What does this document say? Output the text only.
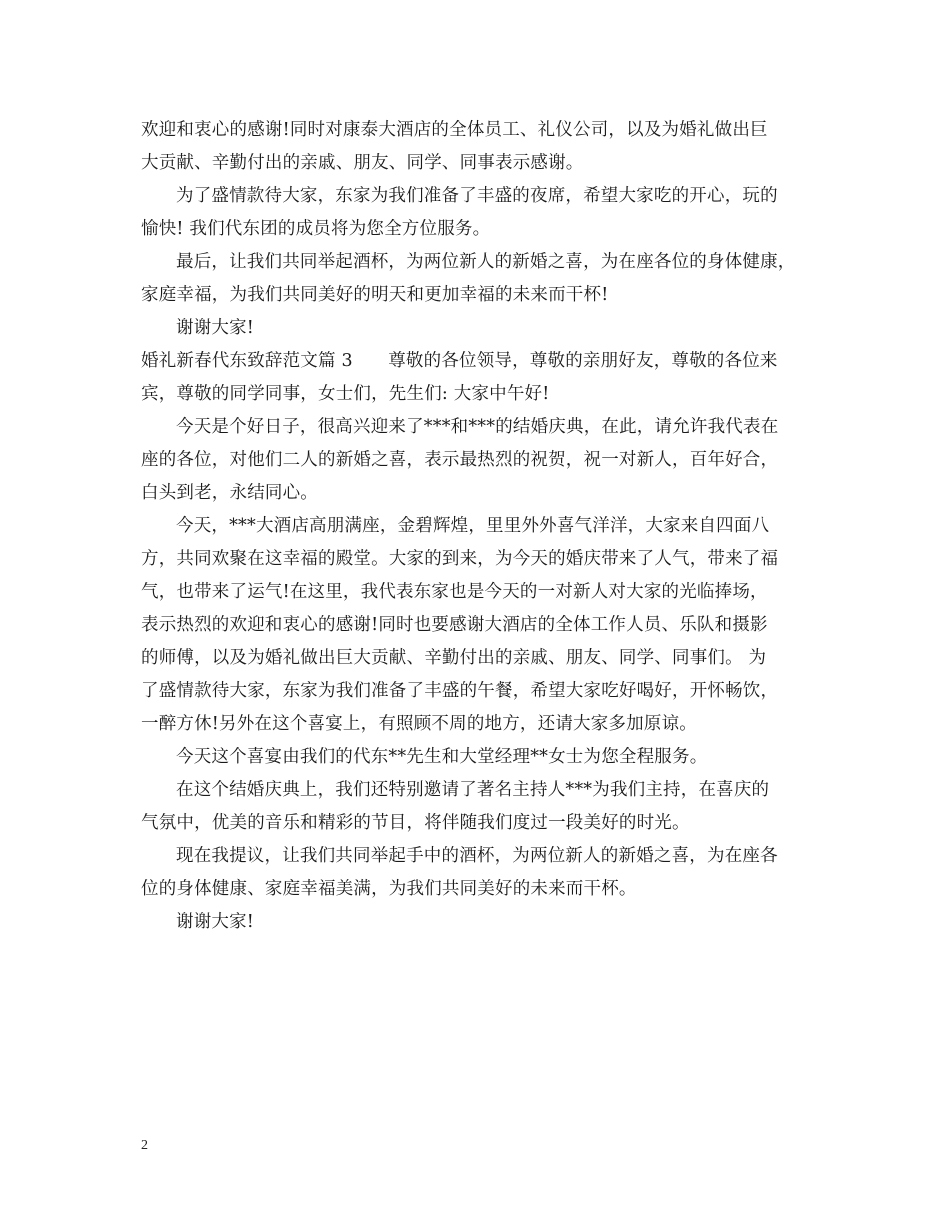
欢迎和衷心的感谢!同时对康泰大酒店的全体员工、礼仪公司，以及为婚礼做出巨
大贡献、辛勤付出的亲戚、朋友、同学、同事表示感谢。
为了盛情款待大家，东家为我们准备了丰盛的夜席，希望大家吃的开心，玩的
愉快! 我们代东团的成员将为您全方位服务。
最后，让我们共同举起酒杯，为两位新人的新婚之喜，为在座各位的身体健康，
家庭幸福，为我们共同美好的明天和更加幸福的未来而干杯!
谢谢大家!
婚礼新春代东致辞范文篇 3　　尊敬的各位领导，尊敬的亲朋好友，尊敬的各位来
宾，尊敬的同学同事，女士们，先生们: 大家中午好!
今天是个好日子，很高兴迎来了***和***的结婚庆典，在此，请允许我代表在
座的各位，对他们二人的新婚之喜，表示最热烈的祝贺，祝一对新人，百年好合，
白头到老，永结同心。
今天，***大酒店高朋满座，金碧辉煌，里里外外喜气洋洋，大家来自四面八
方，共同欢聚在这幸福的殿堂。大家的到来，为今天的婚庆带来了人气，带来了福
气，也带来了运气!在这里，我代表东家也是今天的一对新人对大家的光临捧场，
表示热烈的欢迎和衷心的感谢!同时也要感谢大酒店的全体工作人员、乐队和摄影
的师傅，以及为婚礼做出巨大贡献、辛勤付出的亲戚、朋友、同学、同事们。 为
了盛情款待大家，东家为我们准备了丰盛的午餐，希望大家吃好喝好，开怀畅饮，
一醉方休!另外在这个喜宴上，有照顾不周的地方，还请大家多加原谅。
今天这个喜宴由我们的代东**先生和大堂经理**女士为您全程服务。
在这个结婚庆典上，我们还特别邀请了著名主持人***为我们主持，在喜庆的
气氛中，优美的音乐和精彩的节目，将伴随我们度过一段美好的时光。
现在我提议，让我们共同举起手中的酒杯，为两位新人的新婚之喜，为在座各
位的身体健康、家庭幸福美满，为我们共同美好的未来而干杯。
谢谢大家!
2
